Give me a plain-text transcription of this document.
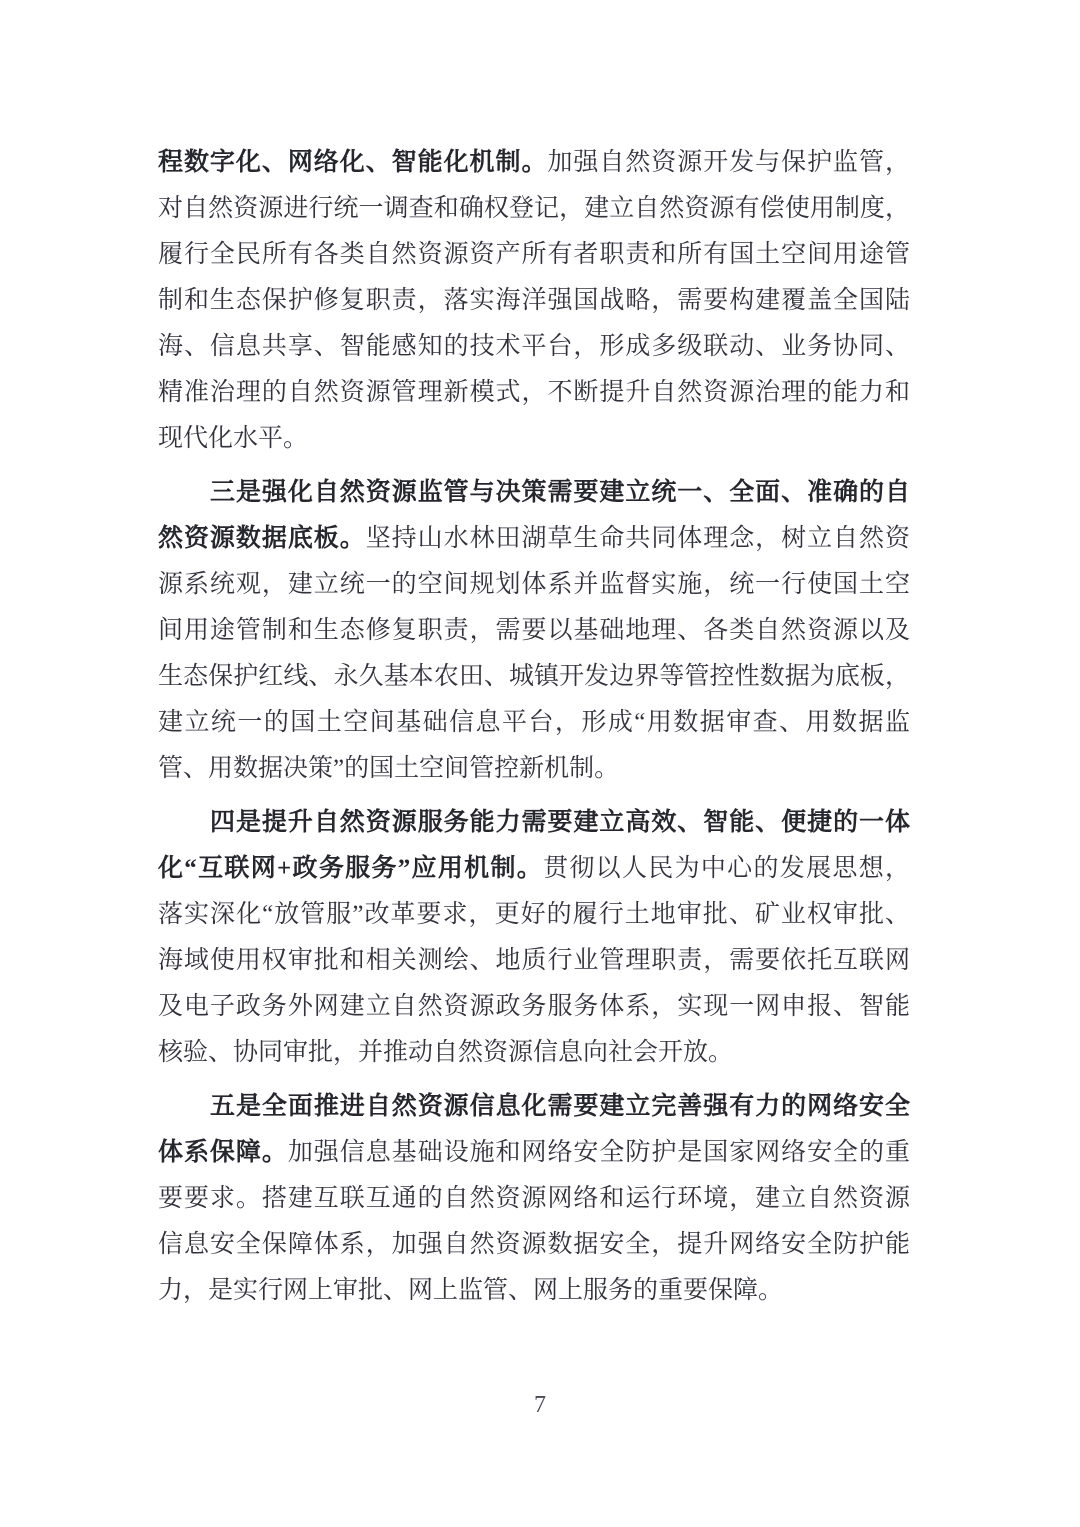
程数字化、网络化、智能化机制。加强自然资源开发与保护监管，
对自然资源进行统一调查和确权登记，建立自然资源有偿使用制度，
履行全民所有各类自然资源资产所有者职责和所有国土空间用途管
制和生态保护修复职责，落实海洋强国战略，需要构建覆盖全国陆
海、信息共享、智能感知的技术平台，形成多级联动、业务协同、
精准治理的自然资源管理新模式，不断提升自然资源治理的能力和
现代化水平。
三是强化自然资源监管与决策需要建立统一、全面、准确的自
然资源数据底板。坚持山水林田湖草生命共同体理念，树立自然资
源系统观，建立统一的空间规划体系并监督实施，统一行使国土空
间用途管制和生态修复职责，需要以基础地理、各类自然资源以及
生态保护红线、永久基本农田、城镇开发边界等管控性数据为底板，
建立统一的国土空间基础信息平台，形成“用数据审查、用数据监
管、用数据决策”的国土空间管控新机制。
四是提升自然资源服务能力需要建立高效、智能、便捷的一体
化“互联网+政务服务”应用机制。贯彻以人民为中心的发展思想，
落实深化“放管服”改革要求，更好的履行土地审批、矿业权审批、
海域使用权审批和相关测绘、地质行业管理职责，需要依托互联网
及电子政务外网建立自然资源政务服务体系，实现一网申报、智能
核验、协同审批，并推动自然资源信息向社会开放。
五是全面推进自然资源信息化需要建立完善强有力的网络安全
体系保障。加强信息基础设施和网络安全防护是国家网络安全的重
要要求。搭建互联互通的自然资源网络和运行环境，建立自然资源
信息安全保障体系，加强自然资源数据安全，提升网络安全防护能
力，是实行网上审批、网上监管、网上服务的重要保障。
7
